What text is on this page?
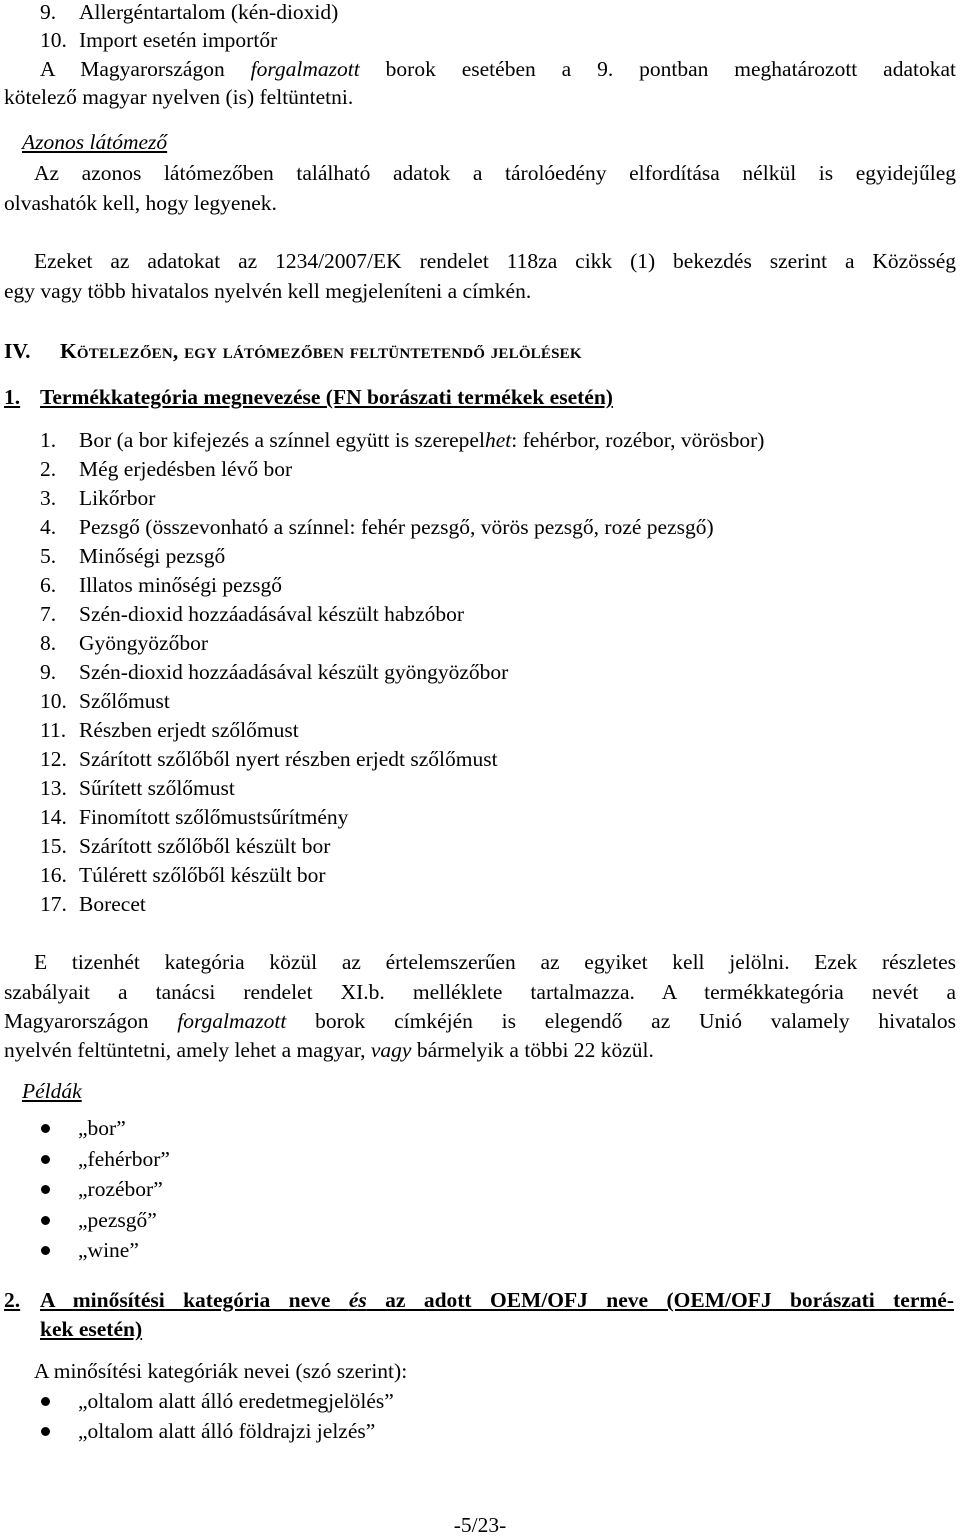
9. Allergéntartalom (kén-dioxid)
10. Import esetén importőr
A Magyarországon forgalmazott borok esetében a 9. pontban meghatározott adatokat
kötelező magyar nyelven (is) feltüntetni.
Azonos látómező
Az azonos látómezőben található adatok a tárolóedény elfordítása nélkül is egyidejűleg
olvashatók kell, hogy legyenek.
Ezeket az adatokat az 1234/2007/EK rendelet 118za cikk (1) bekezdés szerint a Közösség
egy vagy több hivatalos nyelvén kell megjeleníteni a címkén.
IV. Kötelezően, egy látómezőben feltüntetendő jelölések
1. Termékkategória megnevezése (FN borászati termékek esetén)
1. Bor (a bor kifejezés a színnel együtt is szerepelhet: fehérbor, rozébor, vörösbor)
2. Még erjedésben lévő bor
3. Likőrbor
4. Pezsgő (összevonható a színnel: fehér pezsgő, vörös pezsgő, rozé pezsgő)
5. Minőségi pezsgő
6. Illatos minőségi pezsgő
7. Szén-dioxid hozzáadásával készült habzóbor
8. Gyöngyözőbor
9. Szén-dioxid hozzáadásával készült gyöngyözőbor
10. Szőlőmust
11. Részben erjedt szőlőmust
12. Szárított szőlőből nyert részben erjedt szőlőmust
13. Sűrített szőlőmust
14. Finomított szőlőmustsűrítmény
15. Szárított szőlőből készült bor
16. Túlérett szőlőből készült bor
17. Borecet
E tizenhét kategória közül az értelemszerűen az egyiket kell jelölni. Ezek részletes
szabályait a tanácsi rendelet XI.b. melléklete tartalmazza. A termékkategória nevét a
Magyarországon forgalmazott borok címkéjén is elegendő az Unió valamely hivatalos
nyelvén feltüntetni, amely lehet a magyar, vagy bármelyik a többi 22 közül.
Példák
„bor”
„fehérbor”
„rozébor”
„pezsgő”
„wine”
A minősítési kategória neve és az adott OEM/OFJ neve (OEM/OFJ borászati termé-
2.
kek esetén)
A minősítési kategóriák nevei (szó szerint):
„oltalom alatt álló eredetmegjelölés”
„oltalom alatt álló földrajzi jelzés”
-5/23-
